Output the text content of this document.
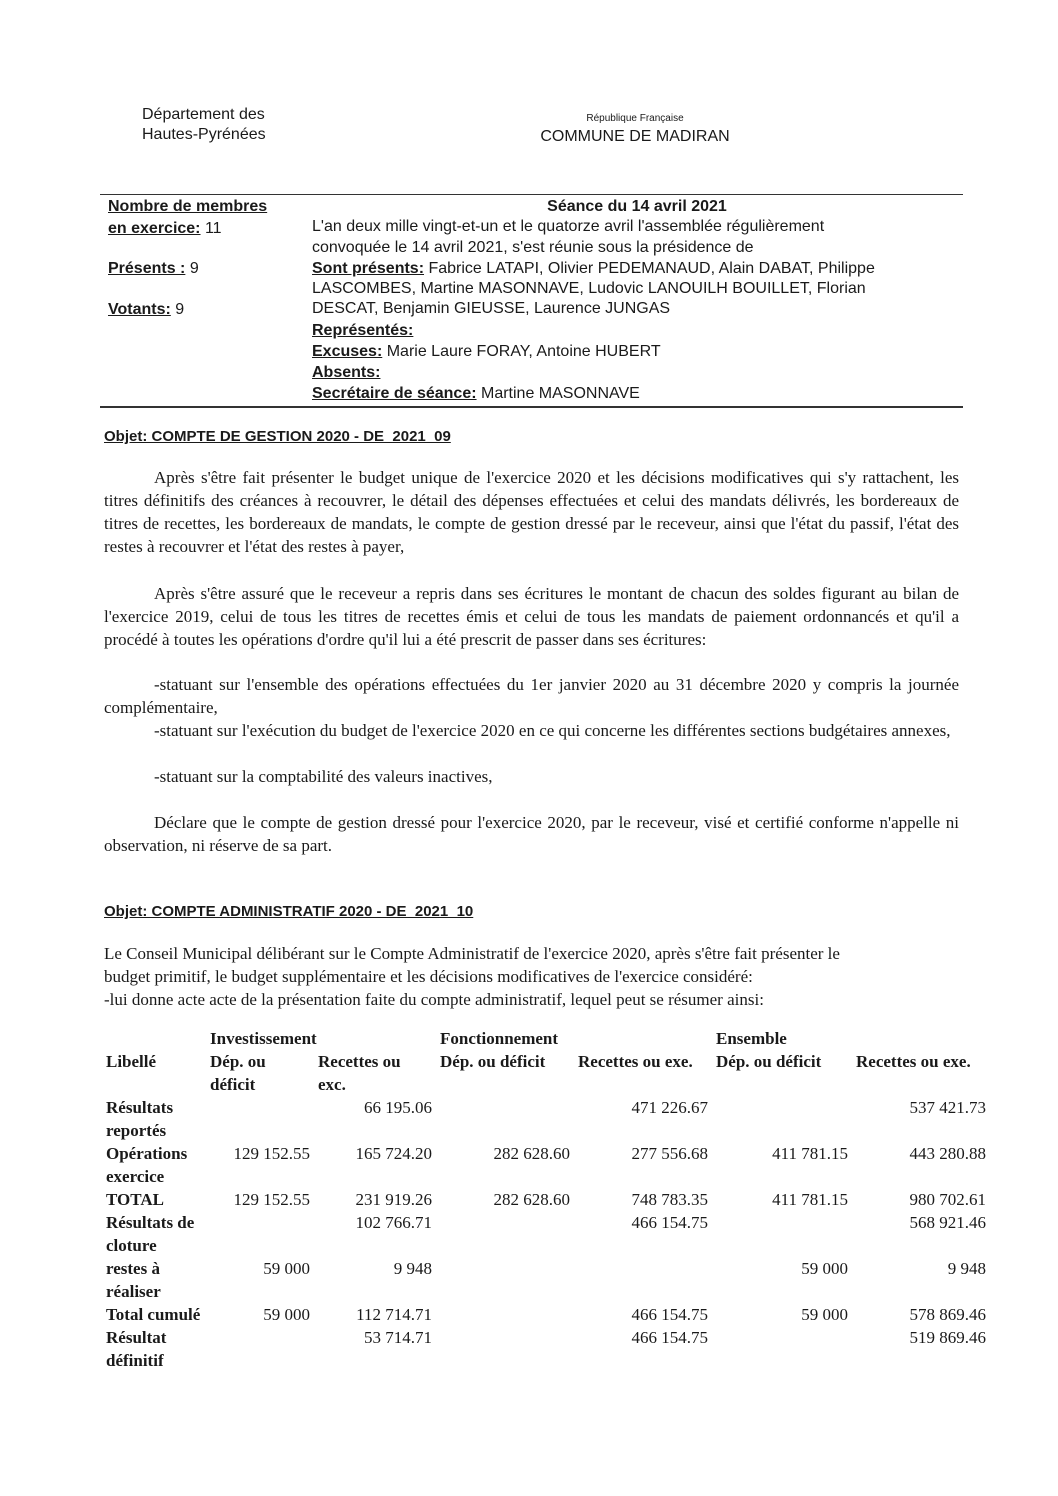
Département des
Hautes-Pyrénées
République Française
COMMUNE DE MADIRAN
Nombre de membres
en exercice: 11
Présents : 9
Votants: 9
Séance du 14 avril 2021
L'an deux mille vingt-et-un et le quatorze avril l'assemblée régulièrement
convoquée le 14 avril 2021, s'est réunie sous la présidence de
Sont présents: Fabrice LATAPI, Olivier PEDEMANAUD, Alain DABAT, Philippe
LASCOMBES, Martine MASONNAVE, Ludovic LANOUILH BOUILLET, Florian
DESCAT, Benjamin GIEUSSE, Laurence JUNGAS
Représentés:
Excuses: Marie Laure FORAY, Antoine HUBERT
Absents:
Secrétaire de séance: Martine MASONNAVE
Objet: COMPTE DE GESTION 2020 - DE_2021_09
Après s'être fait présenter le budget unique de l'exercice 2020 et les décisions modificatives qui s'y rattachent, les titres définitifs des créances à recouvrer, le détail des dépenses effectuées et celui des mandats délivrés, les bordereaux de titres de recettes, les bordereaux de mandats, le compte de gestion dressé par le receveur, ainsi que l'état du passif, l'état des restes à recouvrer et l'état des restes à payer,
Après s'être assuré que le receveur a repris dans ses écritures le montant de chacun des soldes figurant au bilan de l'exercice 2019, celui de tous les titres de recettes émis et celui de tous les mandats de paiement ordonnancés et qu'il a procédé à toutes les opérations d'ordre qu'il lui a été prescrit de passer dans ses écritures:
-statuant sur l'ensemble des opérations effectuées du 1er janvier 2020 au 31 décembre 2020 y compris la journée complémentaire,
-statuant sur l'exécution du budget de l'exercice 2020 en ce qui concerne les différentes sections budgétaires annexes,
-statuant sur la comptabilité des valeurs inactives,
Déclare que le compte de gestion dressé pour l'exercice 2020, par le receveur, visé et certifié conforme n'appelle ni observation, ni réserve de sa part.
Objet: COMPTE ADMINISTRATIF 2020 - DE_2021_10
Le Conseil Municipal délibérant sur le Compte Administratif de l'exercice 2020, après s'être fait présenter le
budget primitif, le budget supplémentaire et les décisions modificatives de l'exercice considéré:
-lui donne acte acte de la présentation faite du compte administratif, lequel peut se résumer ainsi:
	Investissement		Fonctionnement		Ensemble	
Libellé	Dép. ou déficit	Recettes ou exc.	Dép. ou déficit	Recettes ou exe.	Dép. ou déficit	Recettes ou exe.
Résultats reportés		66 195.06		471 226.67		537 421.73
Opérations exercice	129 152.55	165 724.20	282 628.60	277 556.68	411 781.15	443 280.88
TOTAL	129 152.55	231 919.26	282 628.60	748 783.35	411 781.15	980 702.61
Résultats de cloture		102 766.71		466 154.75		568 921.46
restes à réaliser	59 000	9 948			59 000	9 948
Total cumulé	59 000	112 714.71		466 154.75	59 000	578 869.46
Résultat définitif		53 714.71		466 154.75		519 869.46
